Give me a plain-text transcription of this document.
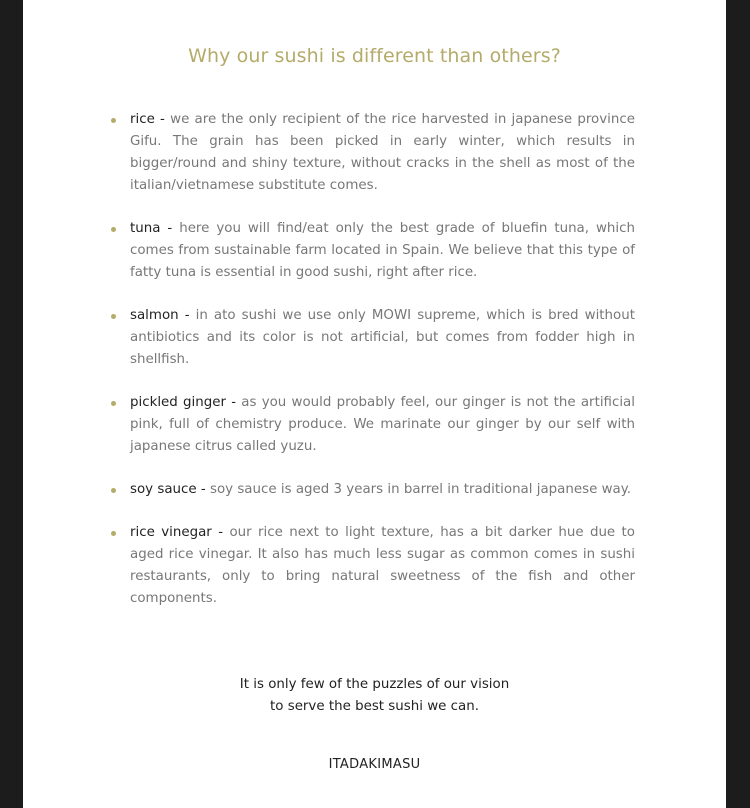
Why our sushi is different than others?
rice - we are the only recipient of the rice harvested in japanese province Gifu. The grain has been picked in early winter, which results in bigger/round and shiny texture, without cracks in the shell as most of the italian/vietnamese substitute comes.
tuna - here you will find/eat only the best grade of bluefin tuna, which comes from sustainable farm located in Spain. We believe that this type of fatty tuna is essential in good sushi, right after rice.
salmon - in ato sushi we use only MOWI supreme, which is bred without antibiotics and its color is not artificial, but comes from fodder high in shellfish.
pickled ginger - as you would probably feel, our ginger is not the artificial pink, full of chemistry produce. We marinate our ginger by our self with japanese citrus called yuzu.
soy sauce - soy sauce is aged 3 years in barrel in traditional japanese way.
rice vinegar - our rice next to light texture, has a bit darker hue due to aged rice vinegar. It also has much less sugar as common comes in sushi restaurants, only to bring natural sweetness of the fish and other components.
It is only few of the puzzles of our vision
to serve the best sushi we can.
ITADAKIMASU
